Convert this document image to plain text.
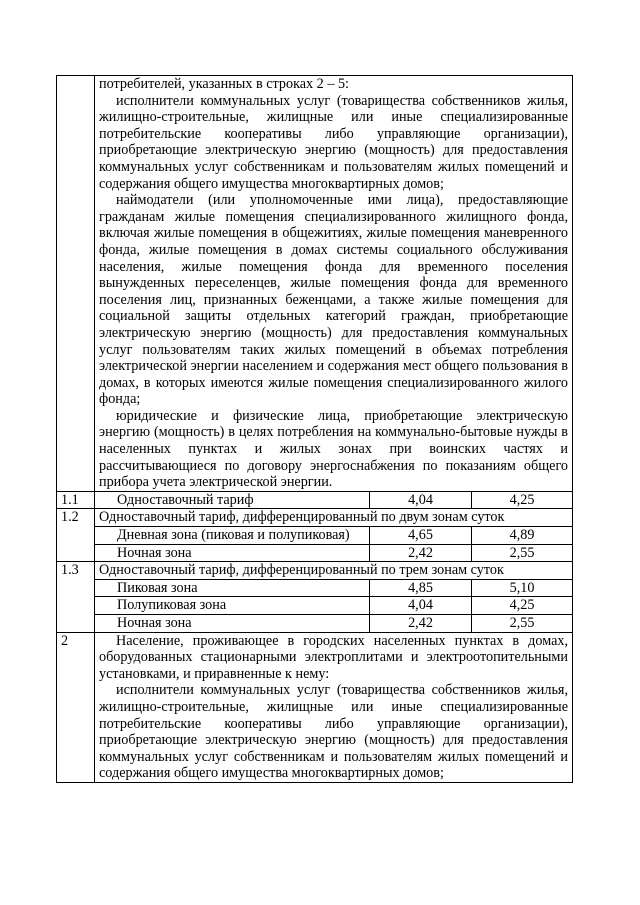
	потребителей, указанных в строках 2 – 5:

исполнители коммунальных услуг (товарищества собственников жилья, жилищно-строительные, жилищные или иные специализированные потребительские кооперативы либо управляющие организации), приобретающие электрическую энергию (мощность) для предоставления коммунальных услуг собственникам и пользователям жилых помещений и содержания общего имущества многоквартирных домов;

наймодатели (или уполномоченные ими лица), предоставляющие гражданам жилые помещения специализированного жилищного фонда, включая жилые помещения в общежитиях, жилые помещения маневренного фонда, жилые помещения в домах системы социального обслуживания населения, жилые помещения фонда для временного поселения вынужденных переселенцев, жилые помещения фонда для временного поселения лиц, признанных беженцами, а также жилые помещения для социальной защиты отдельных категорий граждан, приобретающие электрическую энергию (мощность) для предоставления коммунальных услуг пользователям таких жилых помещений в объемах потребления электрической энергии населением и содержания мест общего пользования в домах, в которых имеются жилые помещения специализированного жилого фонда;

юридические и физические лица, приобретающие электрическую энергию (мощность) в целях потребления на коммунально-бытовые нужды в населенных пунктах и жилых зонах при воинских частях и рассчитывающиеся по договору энергоснабжения по показаниям общего прибора учета электрической энергии.		

1.1	Одноставочный тариф	4,04	4,25
1.2	Одноставочный тариф, дифференцированный по двум зонам суток		
	Дневная зона (пиковая и полупиковая)	4,65	4,89
	Ночная зона	2,42	2,55
1.3	Одноставочный тариф, дифференцированный по трем зонам суток		
	Пиковая зона	4,85	5,10
	Полупиковая зона	4,04	4,25
	Ночная зона	2,42	2,55
2	Население, проживающее в городских населенных пунктах в домах, оборудованных стационарными электроплитами и электроотопительными установками, и приравненные к нему:

исполнители коммунальных услуг (товарищества собственников жилья, жилищно-строительные, жилищные или иные специализированные потребительские кооперативы либо управляющие организации), приобретающие электрическую энергию (мощность) для предоставления коммунальных услуг собственникам и пользователям жилых помещений и содержания общего имущества многоквартирных домов;		
